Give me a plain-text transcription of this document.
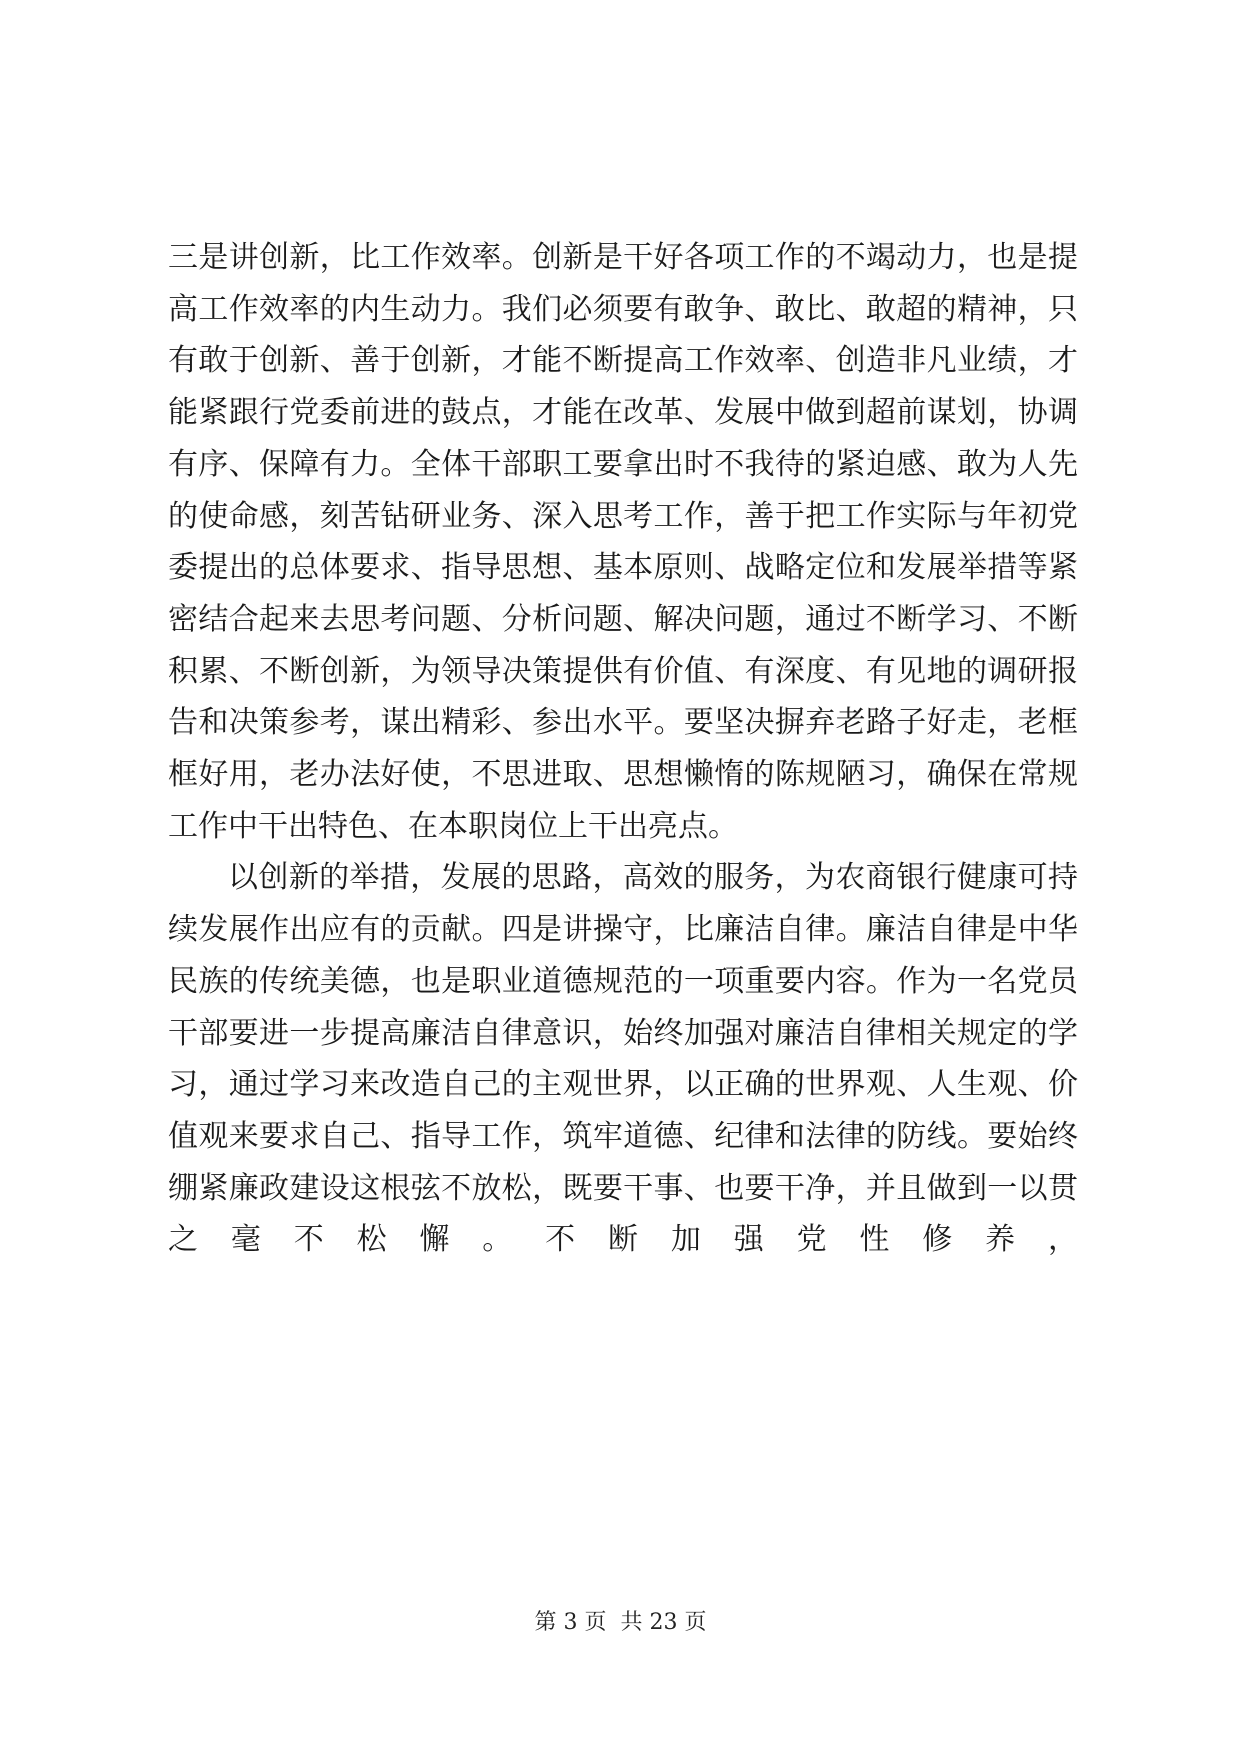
三是讲创新，比工作效率。创新是干好各项工作的不竭动力，也是提高工作效率的内生动力。我们必须要有敢争、敢比、敢超的精神，只有敢于创新、善于创新，才能不断提高工作效率、创造非凡业绩，才能紧跟行党委前进的鼓点，才能在改革、发展中做到超前谋划，协调有序、保障有力。全体干部职工要拿出时不我待的紧迫感、敢为人先的使命感，刻苦钻研业务、深入思考工作，善于把工作实际与年初党委提出的总体要求、指导思想、基本原则、战略定位和发展举措等紧密结合起来去思考问题、分析问题、解决问题，通过不断学习、不断积累、不断创新，为领导决策提供有价值、有深度、有见地的调研报告和决策参考，谋出精彩、参出水平。要坚决摒弃老路子好走，老框框好用，老办法好使，不思进取、思想懒惰的陈规陋习，确保在常规工作中干出特色、在本职岗位上干出亮点。

以创新的举措，发展的思路，高效的服务，为农商银行健康可持续发展作出应有的贡献。四是讲操守，比廉洁自律。廉洁自律是中华民族的传统美德，也是职业道德规范的一项重要内容。作为一名党员干部要进一步提高廉洁自律意识，始终加强对廉洁自律相关规定的学习，通过学习来改造自己的主观世界，以正确的世界观、人生观、价值观来要求自己、指导工作，筑牢道德、纪律和法律的防线。要始终绷紧廉政建设这根弦不放松，既要干事、也要干净，并且做到一以贯之毫不松懈。不断加强党性修养，

第 3 页  共 23 页
